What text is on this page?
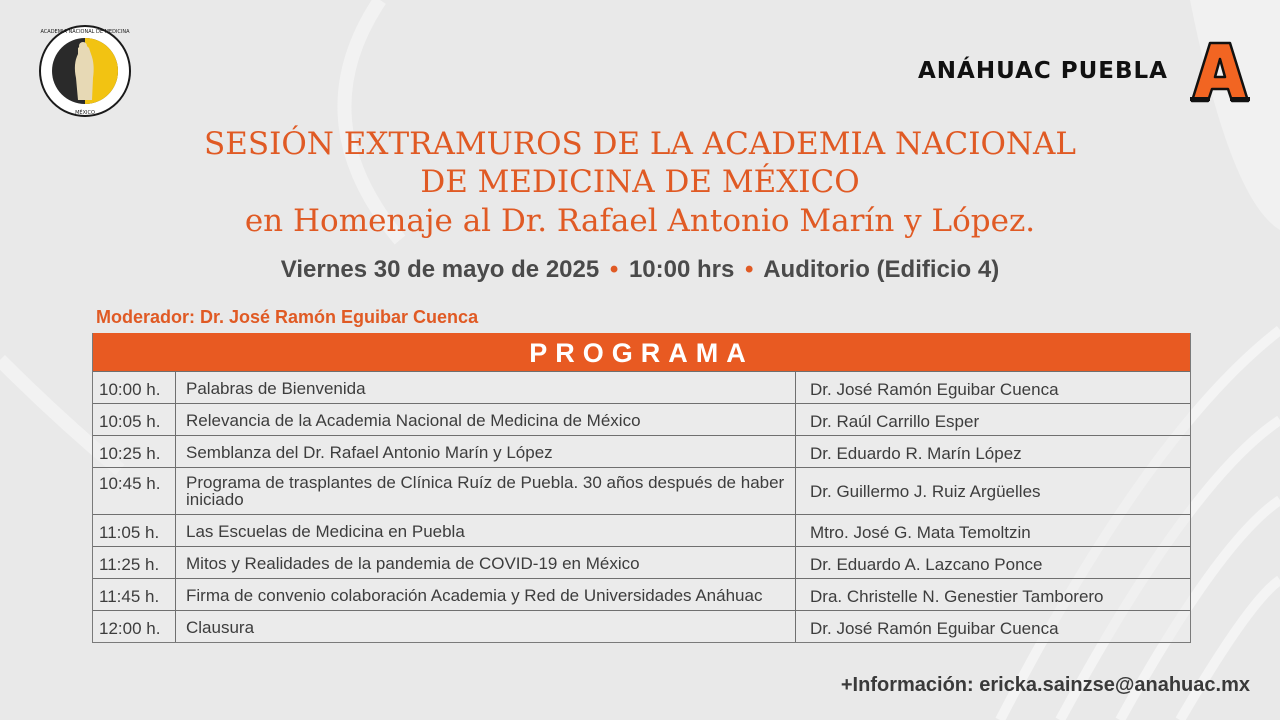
ACADEMIA NACIONAL DE MEDICINA
MÉXICO
ANÁHUAC PUEBLA
SESIÓN EXTRAMUROS DE LA ACADEMIA NACIONAL
DE MEDICINA DE MÉXICO
en Homenaje al Dr. Rafael Antonio Marín y López.
Viernes 30 de mayo de 2025 • 10:00 hrs • Auditorio (Edificio 4)
Moderador: Dr. José Ramón Eguibar Cuenca
PROGRAMA
10:00 h.	Palabras de Bienvenida	Dr. José Ramón Eguibar Cuenca
10:05 h.	Relevancia de la Academia Nacional de Medicina de México	Dr. Raúl Carrillo Esper
10:25 h.	Semblanza del Dr. Rafael Antonio Marín y López	Dr. Eduardo R. Marín López
10:45 h.	Programa de trasplantes de Clínica Ruíz de Puebla. 30 años después de haber iniciado	Dr. Guillermo J. Ruiz Argüelles
11:05 h.	Las Escuelas de Medicina en Puebla	Mtro. José G. Mata Temoltzin
11:25 h.	Mitos y Realidades de la pandemia de COVID-19 en México	Dr. Eduardo A. Lazcano Ponce
11:45 h.	Firma de convenio colaboración Academia y Red de Universidades Anáhuac	Dra. Christelle N. Genestier Tamborero
12:00 h.	Clausura	Dr. José Ramón Eguibar Cuenca
+Información: ericka.sainzse@anahuac.mx
